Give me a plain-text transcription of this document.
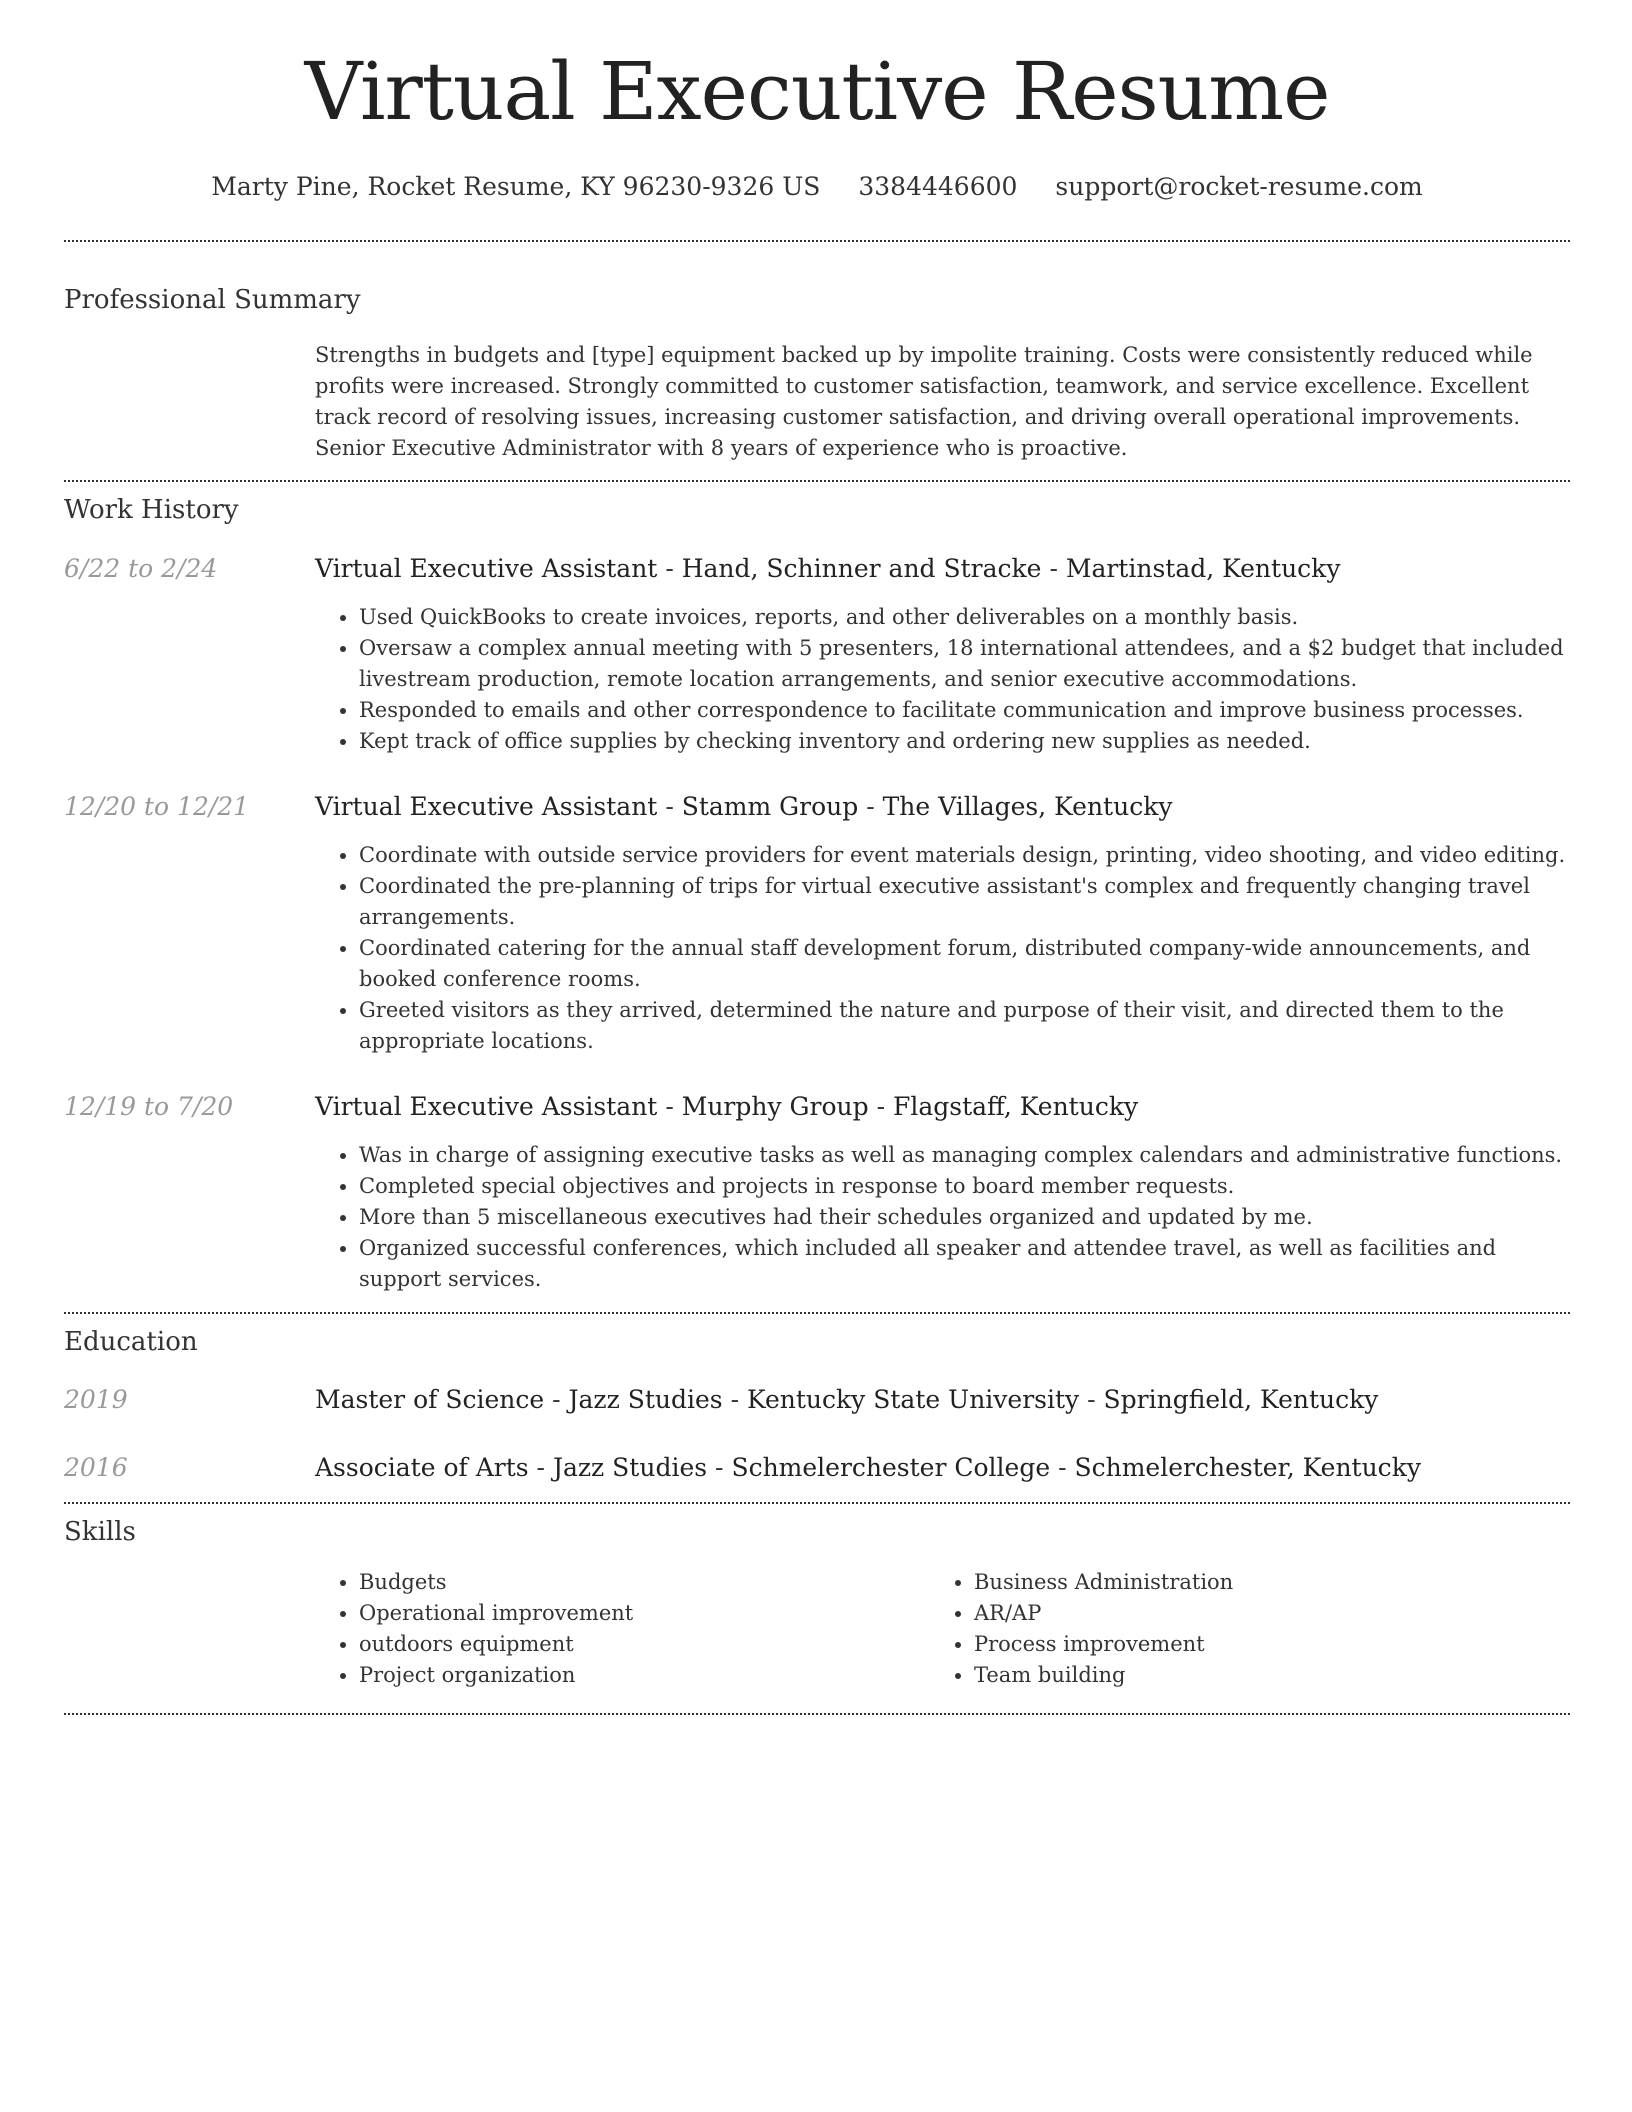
Virtual Executive Resume
Marty Pine, Rocket Resume, KY 96230-9326 US 3384446600 support@rocket-resume.com
Professional Summary
Strengths in budgets and [type] equipment backed up by impolite training. Costs were consistently reduced while profits were increased. Strongly committed to customer satisfaction, teamwork, and service excellence. Excellent track record of resolving issues, increasing customer satisfaction, and driving overall operational improvements. Senior Executive Administrator with 8 years of experience who is proactive.
Work History
6/22 to 2/24	Virtual Executive Assistant - Hand, Schinner and Stracke - Martinstad, Kentucky
• Used QuickBooks to create invoices, reports, and other deliverables on a monthly basis.
• Oversaw a complex annual meeting with 5 presenters, 18 international attendees, and a $2 budget that included livestream production, remote location arrangements, and senior executive accommodations.
• Responded to emails and other correspondence to facilitate communication and improve business processes.
• Kept track of office supplies by checking inventory and ordering new supplies as needed.
12/20 to 12/21	Virtual Executive Assistant - Stamm Group - The Villages, Kentucky
• Coordinate with outside service providers for event materials design, printing, video shooting, and video editing.
• Coordinated the pre-planning of trips for virtual executive assistant's complex and frequently changing travel arrangements.
• Coordinated catering for the annual staff development forum, distributed company-wide announcements, and booked conference rooms.
• Greeted visitors as they arrived, determined the nature and purpose of their visit, and directed them to the appropriate locations.
12/19 to 7/20	Virtual Executive Assistant - Murphy Group - Flagstaff, Kentucky
• Was in charge of assigning executive tasks as well as managing complex calendars and administrative functions.
• Completed special objectives and projects in response to board member requests.
• More than 5 miscellaneous executives had their schedules organized and updated by me.
• Organized successful conferences, which included all speaker and attendee travel, as well as facilities and support services.
Education
2019	Master of Science - Jazz Studies - Kentucky State University - Springfield, Kentucky
2016	Associate of Arts - Jazz Studies - Schmelerchester College - Schmelerchester, Kentucky
Skills
• Budgets
• Operational improvement
• outdoors equipment
• Project organization
• Business Administration
• AR/AP
• Process improvement
• Team building
